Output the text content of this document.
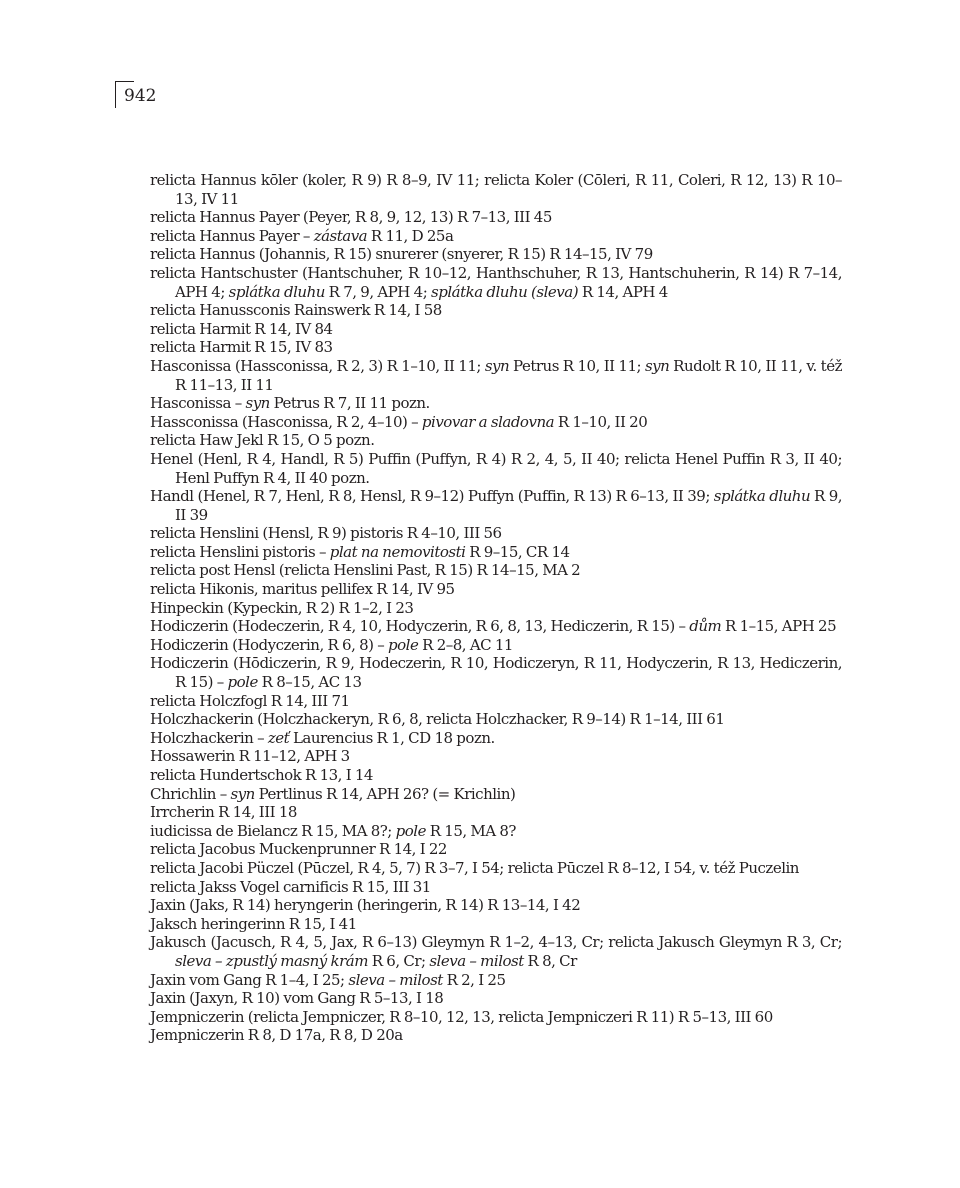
942
relicta Hannus kōler (koler, R 9) R 8–9, IV 11; relicta Koler (Cōleri, R 11, Coleri, R 12, 13) R 10–13, IV 11
relicta Hannus Payer (Peyer, R 8, 9, 12, 13) R 7–13, III 45
relicta Hannus Payer – zástava R 11, D 25a
relicta Hannus (Johannis, R 15) snurerer (snyerer, R 15) R 14–15, IV 79
relicta Hantschuster (Hantschuher, R 10–12, Hanthschuher, R 13, Hantschuherin, R 14) R 7–14, APH 4; splátka dluhu R 7, 9, APH 4; splátka dluhu (sleva) R 14, APH 4
relicta Hanussconis Rainswerk R 14, I 58
relicta Harmit R 14, IV 84
relicta Harmit R 15, IV 83
Hasconissa (Hassconissa, R 2, 3) R 1–10, II 11; syn Petrus R 10, II 11; syn Rudolt R 10, II 11, v. též R 11–13, II 11
Hasconissa – syn Petrus R 7, II 11 pozn.
Hassconissa (Hasconissa, R 2, 4–10) – pivovar a sladovna R 1–10, II 20
relicta Haw Jekl R 15, O 5 pozn.
Henel (Henl, R 4, Handl, R 5) Puffin (Puffyn, R 4) R 2, 4, 5, II 40; relicta Henel Puffin R 3, II 40; Henl Puffyn R 4, II 40 pozn.
Handl (Henel, R 7, Henl, R 8, Hensl, R 9–12) Puffyn (Puffin, R 13) R 6–13, II 39; splátka dluhu R 9, II 39
relicta Henslini (Hensl, R 9) pistoris R 4–10, III 56
relicta Henslini pistoris – plat na nemovitosti R 9–15, CR 14
relicta post Hensl (relicta Henslini Past, R 15) R 14–15, MA 2
relicta Hikonis, maritus pellifex R 14, IV 95
Hinpeckin (Kypeckin, R 2) R 1–2, I 23
Hodiczerin (Hodeczerin, R 4, 10, Hodyczerin, R 6, 8, 13, Hediczerin, R 15) – dům R 1–15, APH 25
Hodiczerin (Hodyczerin, R 6, 8) – pole R 2–8, AC 11
Hodiczerin (Hōdiczerin, R 9, Hodeczerin, R 10, Hodiczeryn, R 11, Hodyczerin, R 13, Hediczerin, R 15) – pole R 8–15, AC 13
relicta Holczfogl R 14, III 71
Holczhackerin (Holczhackeryn, R 6, 8, relicta Holczhacker, R 9–14) R 1–14, III 61
Holczhackerin – zeť Laurencius R 1, CD 18 pozn.
Hossawerin R 11–12, APH 3
relicta Hundertschok R 13, I 14
Chrichlin – syn Pertlinus R 14, APH 26? (= Krichlin)
Irrcherin R 14, III 18
iudicissa de Bielancz R 15, MA 8?; pole R 15, MA 8?
relicta Jacobus Muckenprunner R 14, I 22
relicta Jacobi Püczel (Pūczel, R 4, 5, 7) R 3–7, I 54; relicta Pūczel R 8–12, I 54, v. též Puczelin
relicta Jakss Vogel carnificis R 15, III 31
Jaxin (Jaks, R 14) heryngerin (heringerin, R 14) R 13–14, I 42
Jaksch heringerinn R 15, I 41
Jakusch (Jacusch, R 4, 5, Jax, R 6–13) Gleymyn R 1–2, 4–13, Cr; relicta Jakusch Gleymyn R 3, Cr; sleva – zpustlý masný krám R 6, Cr; sleva – milost R 8, Cr
Jaxin vom Gang R 1–4, I 25; sleva – milost R 2, I 25
Jaxin (Jaxyn, R 10) vom Gang R 5–13, I 18
Jempniczerin (relicta Jempniczer, R 8–10, 12, 13, relicta Jempniczeri R 11) R 5–13, III 60
Jempniczerin R 8, D 17a, R 8, D 20a
